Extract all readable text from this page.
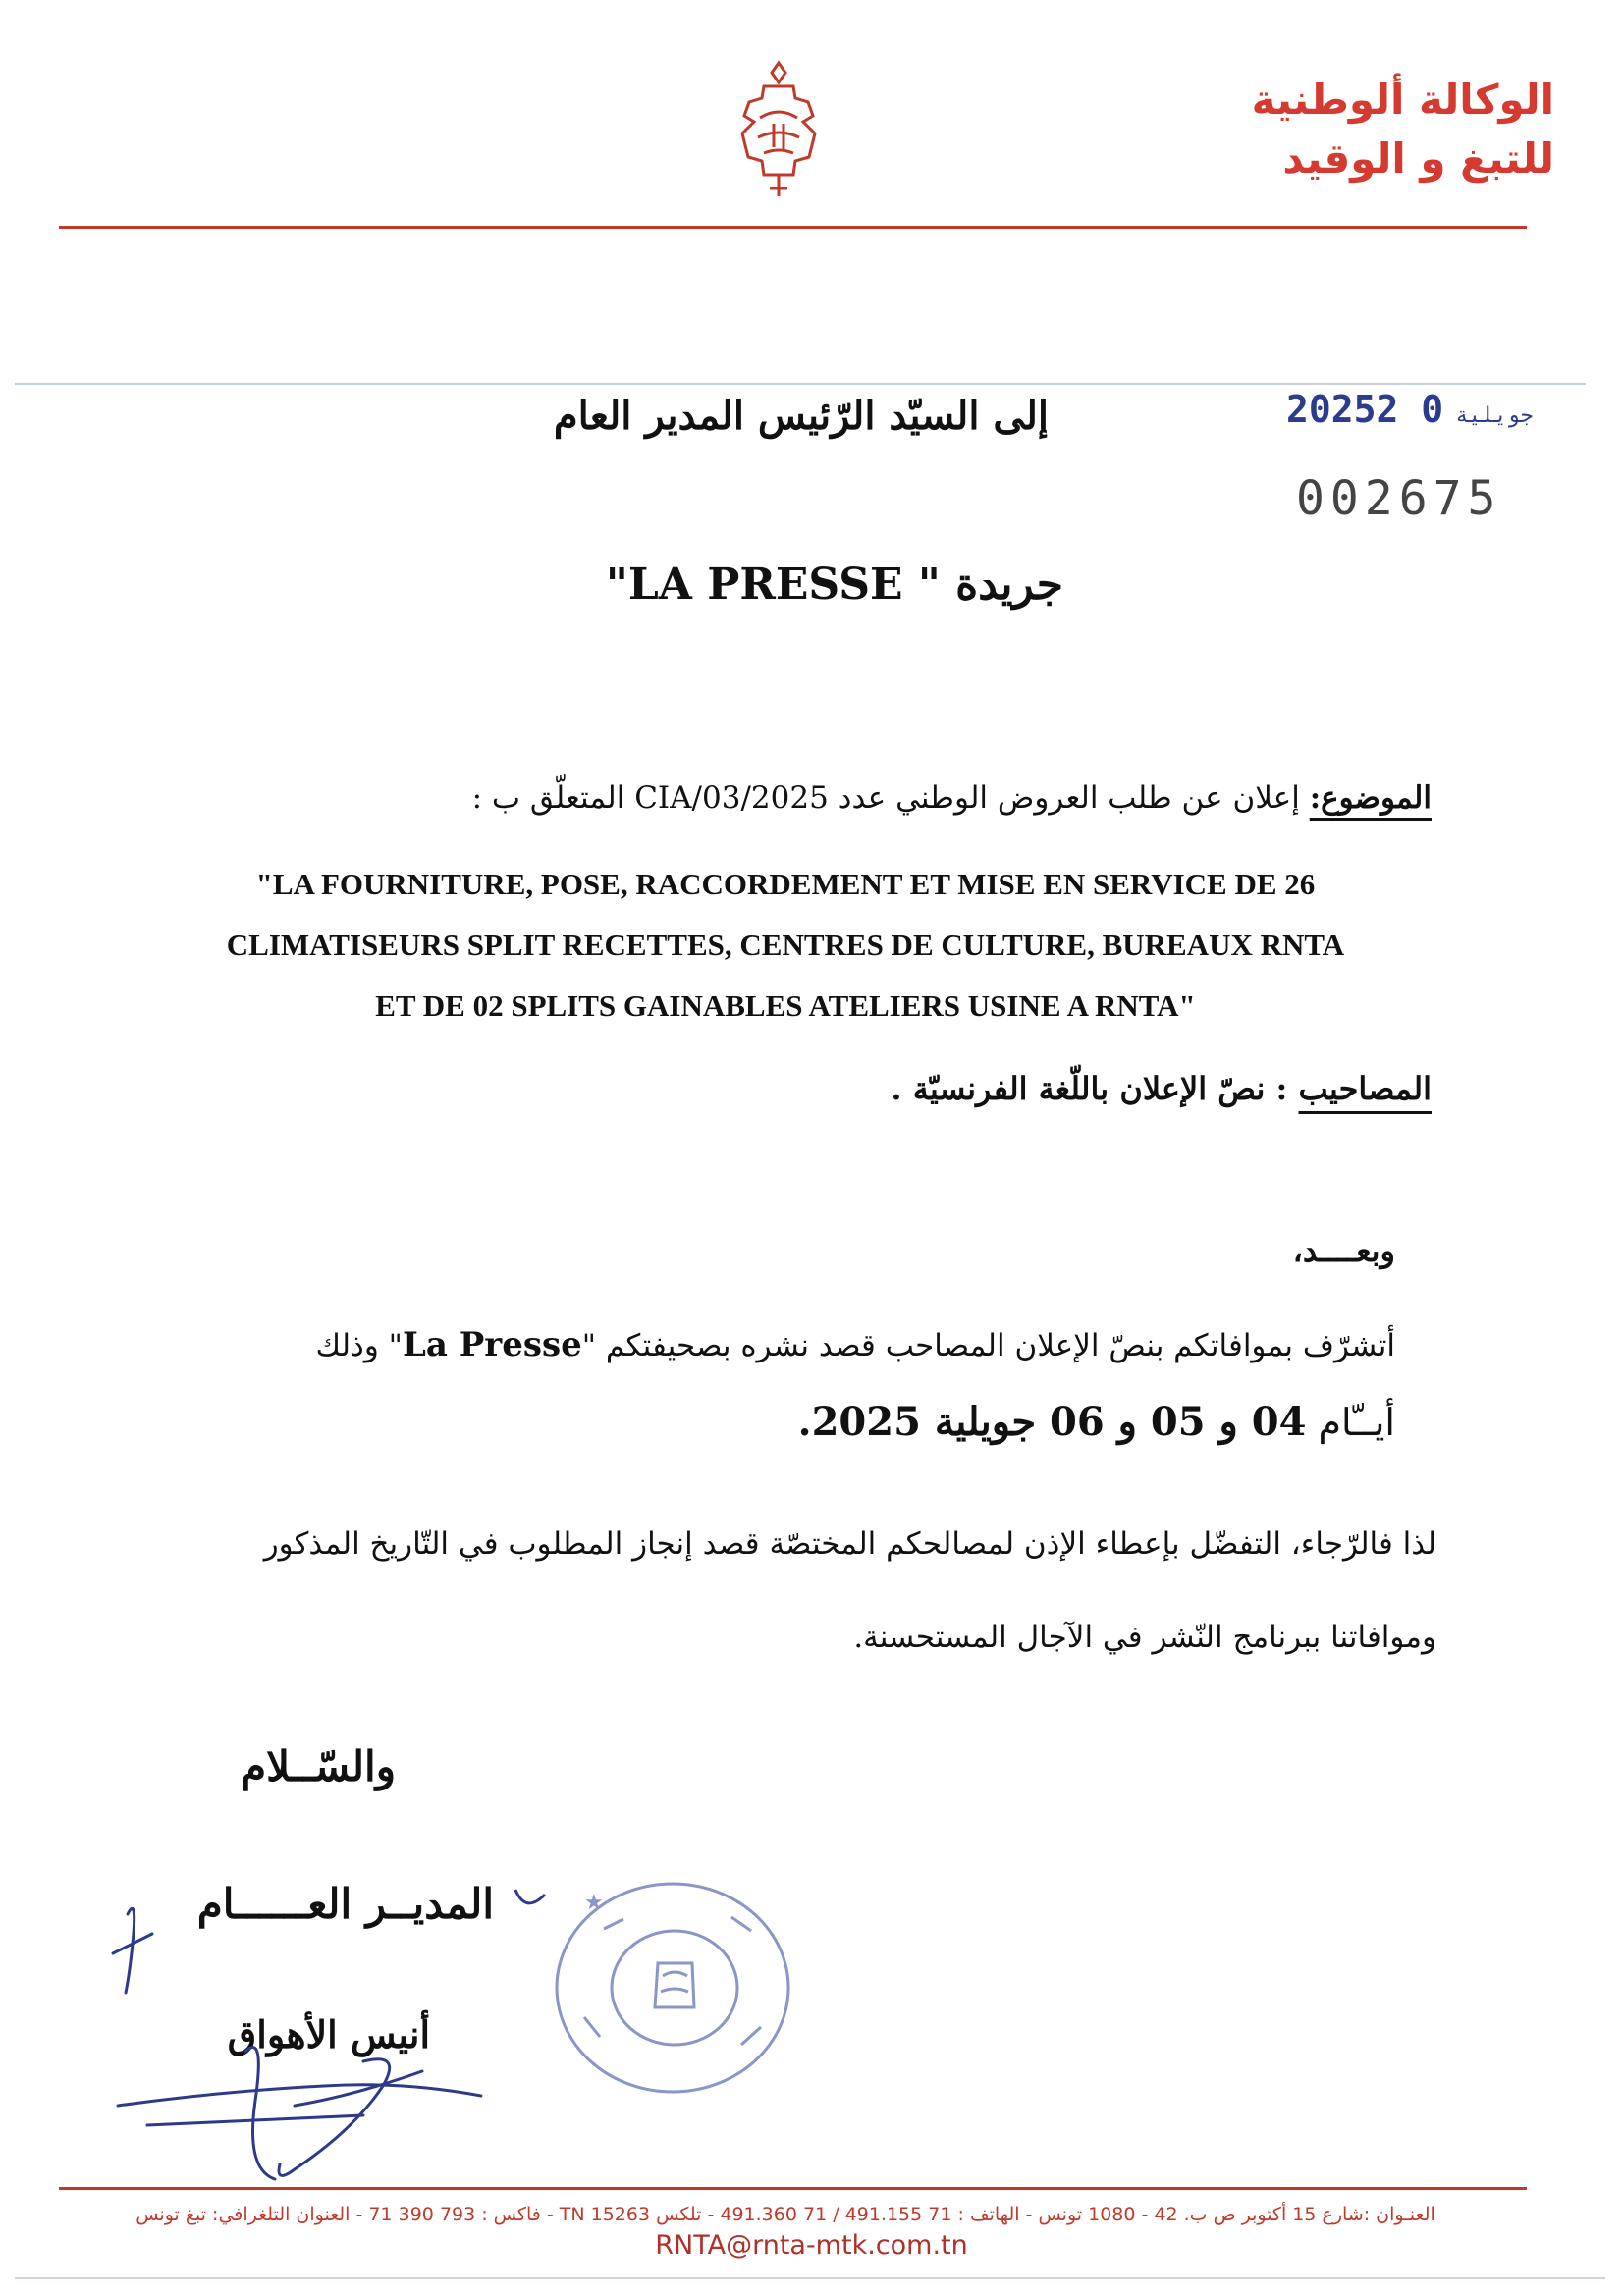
الوكالة ألوطنية
للتبغ و الوقيد
2025	جويلية0 2
002675
إلى السيّد الرّئيس المدير العام
جريدة " LA PRESSE"
الموضوع: إعلان عن طلب العروض الوطني عدد 2025/CIA/03 المتعلّق ب :
"LA FOURNITURE, POSE, RACCORDEMENT ET MISE EN SERVICE DE 26
CLIMATISEURS SPLIT RECETTES, CENTRES DE CULTURE, BUREAUX RNTA
ET DE 02 SPLITS GAINABLES ATELIERS USINE A RNTA"
المصاحيب : نصّ الإعلان باللّغة الفرنسيّة .
وبعــــد،
أتشرّف بموافاتكم بنصّ الإعلان المصاحب قصد نشره بصحيفتكم "La Presse" وذلك
أيــّام 04 و 05 و 06 جويلية 2025.
لذا فالرّجاء، التفضّل بإعطاء الإذن لمصالحكم المختصّة قصد إنجاز المطلوب في التّاريخ المذكور
وموافاتنا ببرنامج النّشر في الآجال المستحسنة.
والسّــلام
المديــر العــــــام
أنيس الأهواق
★
العنـوان :شارع 15 أكتوبر ص ب. 42 - 1080 تونس - الهاتف : 71 491.155 / 71 491.360 - تلكس TN 15263 - فاكس : 793 390 71 - العنوان التلغرافي: تبغ تونس
RNTA@rnta-mtk.com.tn
